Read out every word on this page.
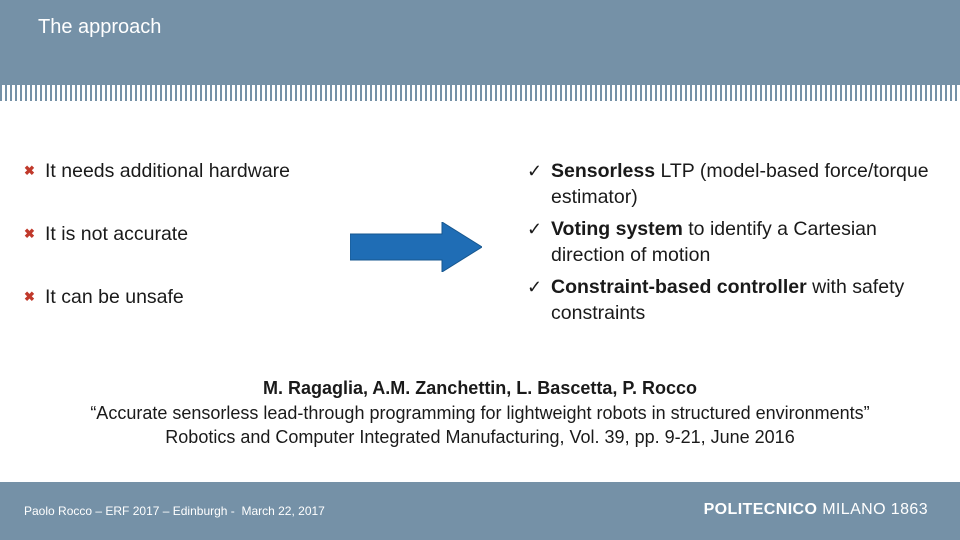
The approach
✖ It needs additional hardware
✖ It is not accurate
✖ It can be unsafe
✓ Sensorless LTP (model-based force/torque estimator)
✓ Voting system to identify a Cartesian direction of motion
✓ Constraint-based controller with safety constraints
M. Ragaglia, A.M. Zanchettin, L. Bascetta, P. Rocco
“Accurate sensorless lead-through programming for lightweight robots in structured environments”
Robotics and Computer Integrated Manufacturing, Vol. 39, pp. 9-21, June 2016
Paolo Rocco – ERF 2017 – Edinburgh -  March 22, 2017	POLITECNICO MILANO 1863
